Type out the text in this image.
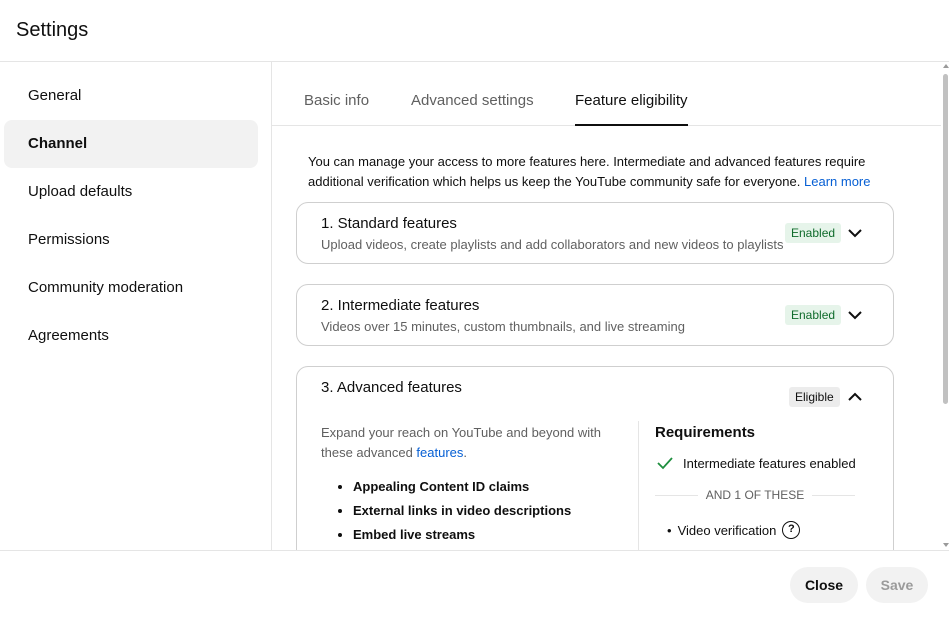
Settings
General
Channel
Upload defaults
Permissions
Community moderation
Agreements
Basic info	Advanced settings	Feature eligibility
You can manage your access to more features here. Intermediate and advanced features require additional verification which helps us keep the YouTube community safe for everyone. Learn more
1. Standard features
Upload videos, create playlists and add collaborators and new videos to playlists
Enabled
2. Intermediate features
Videos over 15 minutes, custom thumbnails, and live streaming
Enabled
3. Advanced features
Eligible
Expand your reach on YouTube and beyond with these advanced features.
• Appealing Content ID claims
• External links in video descriptions
• Embed live streams
Requirements
Intermediate features enabled
AND 1 OF THESE
• Video verification	?
Close	Save
